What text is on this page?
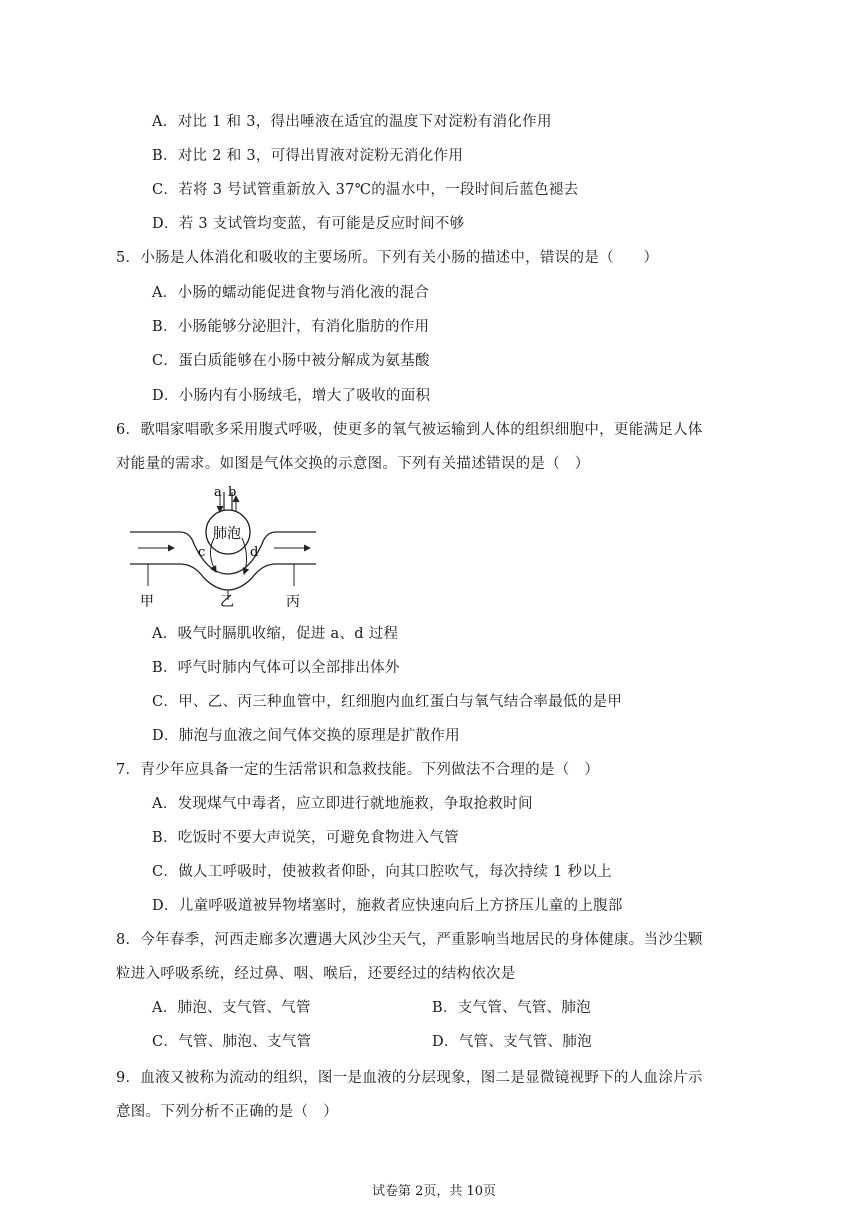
A．对比 1 和 3，得出唾液在适宜的温度下对淀粉有消化作用
B．对比 2 和 3，可得出胃液对淀粉无消化作用
C．若将 3 号试管重新放入 37℃的温水中，一段时间后蓝色褪去
D．若 3 支试管均变蓝，有可能是反应时间不够
5．小肠是人体消化和吸收的主要场所。下列有关小肠的描述中，错误的是（　　）
A．小肠的蠕动能促进食物与消化液的混合
B．小肠能够分泌胆汁，有消化脂肪的作用
C．蛋白质能够在小肠中被分解成为氨基酸
D．小肠内有小肠绒毛，增大了吸收的面积
6．歌唱家唱歌多采用腹式呼吸，使更多的氧气被运输到人体的组织细胞中，更能满足人体
对能量的需求。如图是气体交换的示意图。下列有关描述错误的是（　）
a b
c	d
肺泡
甲	乙	丙
A．吸气时膈肌收缩，促进 a、d 过程
B．呼气时肺内气体可以全部排出体外
C．甲、乙、丙三种血管中，红细胞内血红蛋白与氧气结合率最低的是甲
D．肺泡与血液之间气体交换的原理是扩散作用
7．青少年应具备一定的生活常识和急救技能。下列做法不合理的是（　）
A．发现煤气中毒者，应立即进行就地施救，争取抢救时间
B．吃饭时不要大声说笑，可避免食物进入气管
C．做人工呼吸时，使被救者仰卧，向其口腔吹气，每次持续 1 秒以上
D．儿童呼吸道被异物堵塞时，施救者应快速向后上方挤压儿童的上腹部
8．今年春季，河西走廊多次遭遇大风沙尘天气，严重影响当地居民的身体健康。当沙尘颗
粒进入呼吸系统，经过鼻、咽、喉后，还要经过的结构依次是
A．肺泡、支气管、气管	B．支气管、气管、肺泡
C．气管、肺泡、支气管	D．气管、支气管、肺泡
9．血液又被称为流动的组织，图一是血液的分层现象，图二是显微镜视野下的人血涂片示
意图。下列分析不正确的是（　）
试卷第 2页，共 10页
